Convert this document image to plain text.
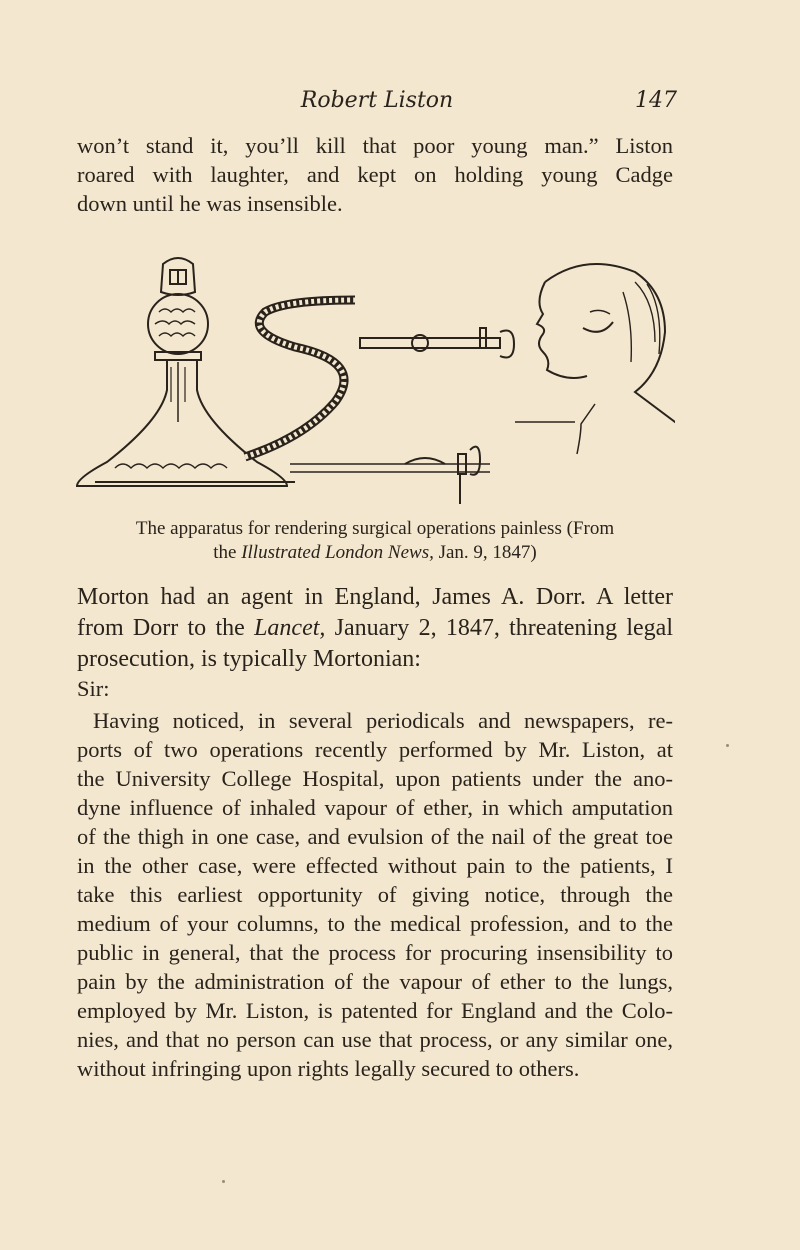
Robert Liston	147
won’t stand it, you’ll kill that poor young man.” Liston
roared with laughter, and kept on holding young Cadge
down until he was insensible.
The apparatus for rendering surgical operations painless (From
the Illustrated London News, Jan. 9, 1847)
Morton had an agent in England, James A. Dorr. A letter
from Dorr to the Lancet, January 2, 1847, threatening legal
prosecution, is typically Mortonian:
Sir:
Having noticed, in several periodicals and newspapers, re-
ports of two operations recently performed by Mr. Liston, at
the University College Hospital, upon patients under the ano-
dyne influence of inhaled vapour of ether, in which amputation
of the thigh in one case, and evulsion of the nail of the great toe
in the other case, were effected without pain to the patients, I
take this earliest opportunity of giving notice, through the
medium of your columns, to the medical profession, and to the
public in general, that the process for procuring insensibility to
pain by the administration of the vapour of ether to the lungs,
employed by Mr. Liston, is patented for England and the Colo-
nies, and that no person can use that process, or any similar one,
without infringing upon rights legally secured to others.
